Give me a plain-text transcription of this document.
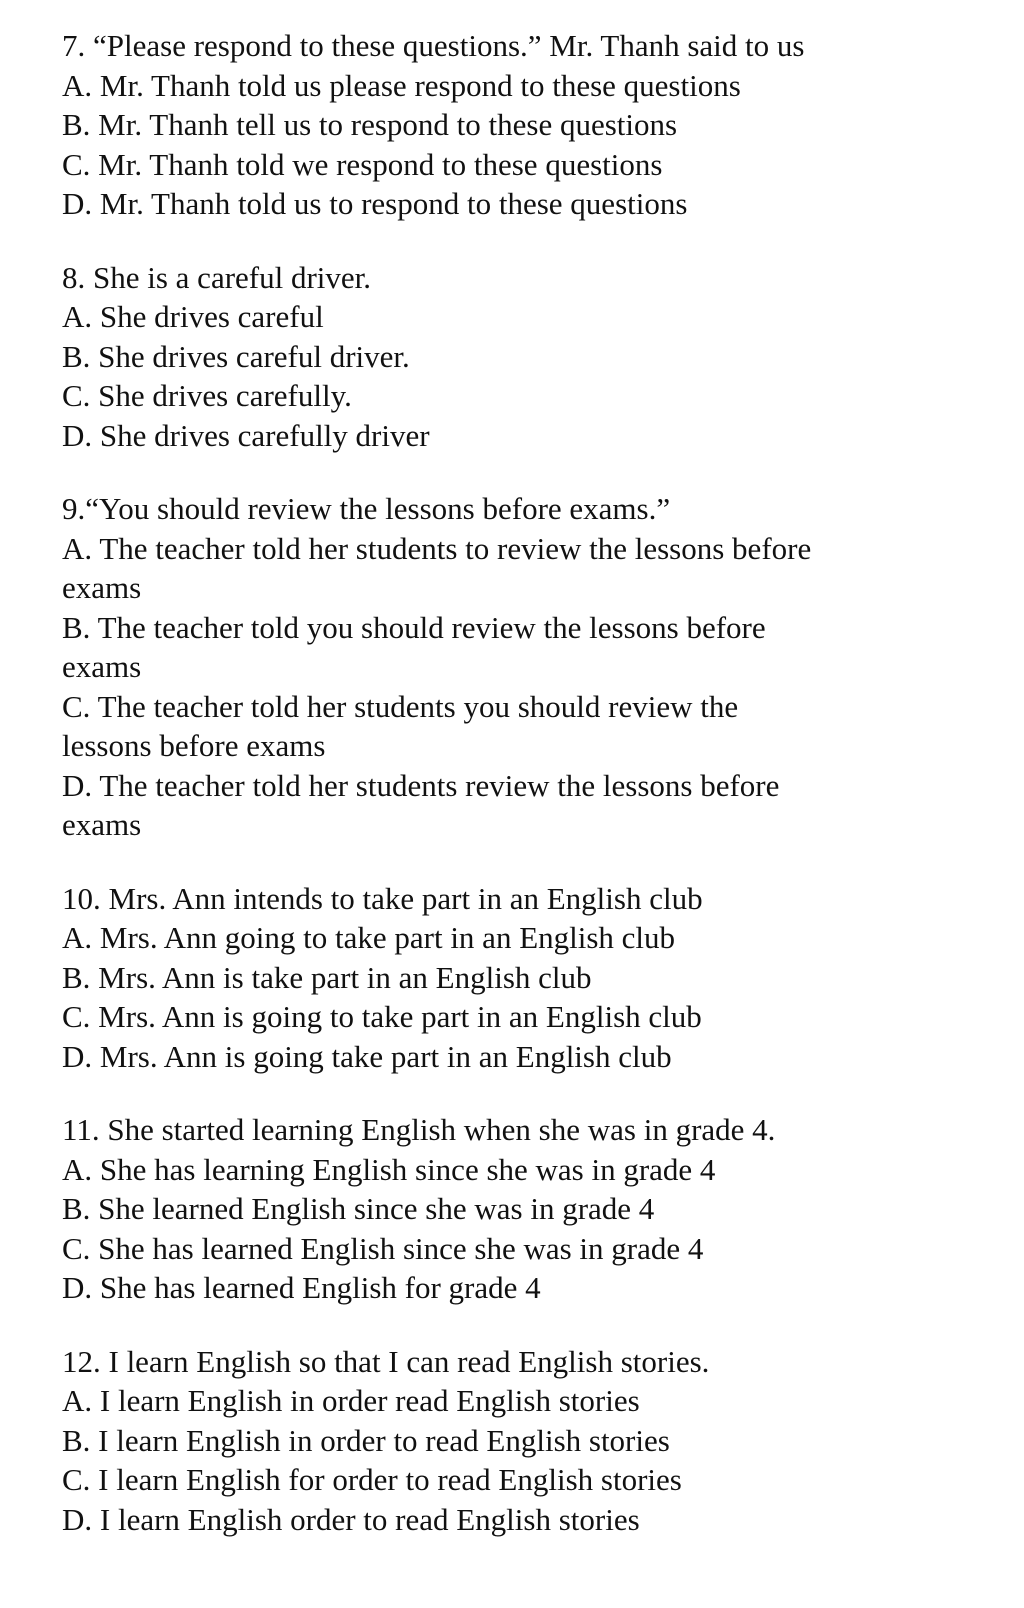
7. “Please respond to these questions.” Mr. Thanh said to us
A. Mr. Thanh told us please respond to these questions
B. Mr. Thanh tell us to respond to these questions
C. Mr. Thanh told we respond to these questions
D. Mr. Thanh told us to respond to these questions
8. She is a careful driver.
A. She drives careful
B. She drives careful driver.
C. She drives carefully.
D. She drives carefully driver
9.“You should review the lessons before exams.”
A. The teacher told her students to review the lessons before
exams
B. The teacher told you should review the lessons before
exams
C. The teacher told her students you should review the
lessons before exams
D. The teacher told her students review the lessons before
exams
10. Mrs. Ann intends to take part in an English club
A. Mrs. Ann going to take part in an English club
B. Mrs. Ann is take part in an English club
C. Mrs. Ann is going to take part in an English club
D. Mrs. Ann is going take part in an English club
11. She started learning English when she was in grade 4.
A. She has learning English since she was in grade 4
B. She learned English since she was in grade 4
C. She has learned English since she was in grade 4
D. She has learned English for grade 4
12. I learn English so that I can read English stories.
A. I learn English in order read English stories
B. I learn English in order to read English stories
C. I learn English for order to read English stories
D. I learn English order to read English stories
